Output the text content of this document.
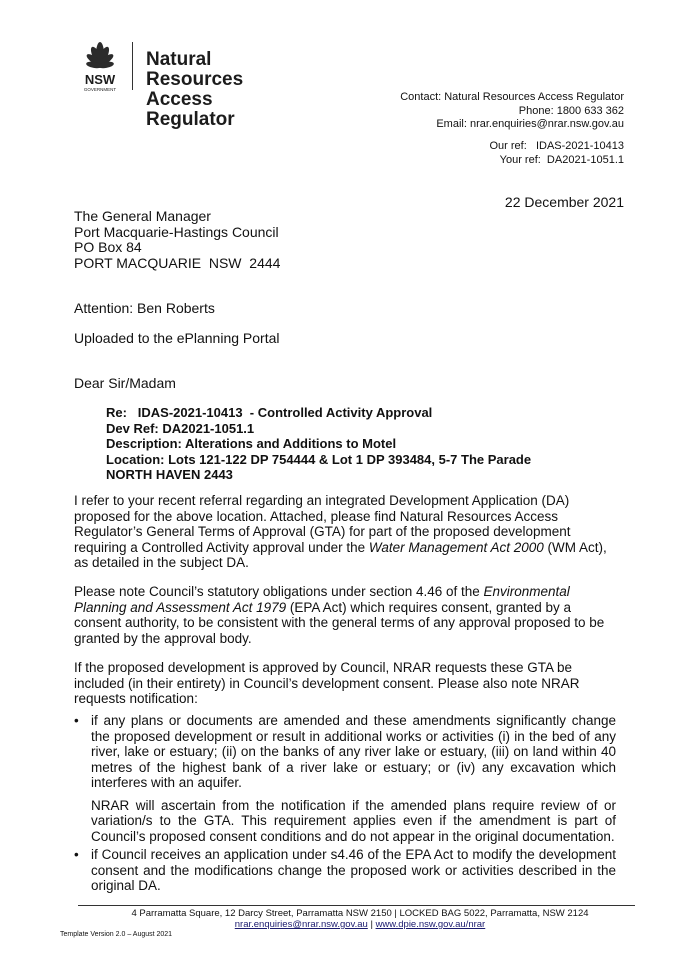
NSW
GOVERNMENT
Natural Resources
Access Regulator
Contact: Natural Resources Access Regulator
Phone: 1800 633 362
Email: nrar.enquiries@nrar.nsw.gov.au
Our ref:   IDAS-2021-10413
Your ref:  DA2021-1051.1
22 December 2021
The General Manager
Port Macquarie-Hastings Council
PO Box 84
PORT MACQUARIE  NSW  2444
Attention: Ben Roberts
Uploaded to the ePlanning Portal
Dear Sir/Madam
Re:   IDAS-2021-10413  - Controlled Activity Approval
Dev Ref: DA2021-1051.1
Description: Alterations and Additions to Motel
Location: Lots 121-122 DP 754444 & Lot 1 DP 393484, 5-7 The Parade
NORTH HAVEN 2443
I refer to your recent referral regarding an integrated Development Application (DA) proposed for the above location. Attached, please find Natural Resources Access Regulator’s General Terms of Approval (GTA) for part of the proposed development requiring a Controlled Activity approval under the Water Management Act 2000 (WM Act), as detailed in the subject DA.
Please note Council’s statutory obligations under section 4.46 of the Environmental Planning and Assessment Act 1979 (EPA Act) which requires consent, granted by a consent authority, to be consistent with the general terms of any approval proposed to be granted by the approval body.
If the proposed development is approved by Council, NRAR requests these GTA be included (in their entirety) in Council’s development consent. Please also note NRAR requests notification:
• if any plans or documents are amended and these amendments significantly change the proposed development or result in additional works or activities (i) in the bed of any river, lake or estuary; (ii) on the banks of any river lake or estuary, (iii) on land within 40 metres of the highest bank of a river lake or estuary; or (iv) any excavation which interferes with an aquifer.
NRAR will ascertain from the notification if the amended plans require review of or variation/s to the GTA. This requirement applies even if the amendment is part of Council’s proposed consent conditions and do not appear in the original documentation.
• if Council receives an application under s4.46 of the EPA Act to modify the development consent and the modifications change the proposed work or activities described in the original DA.
4 Parramatta Square, 12 Darcy Street, Parramatta NSW 2150 | LOCKED BAG 5022, Parramatta, NSW 2124
nrar.enquiries@nrar.nsw.gov.au | www.dpie.nsw.gov.au/nrar
Template Version 2.0 – August 2021
